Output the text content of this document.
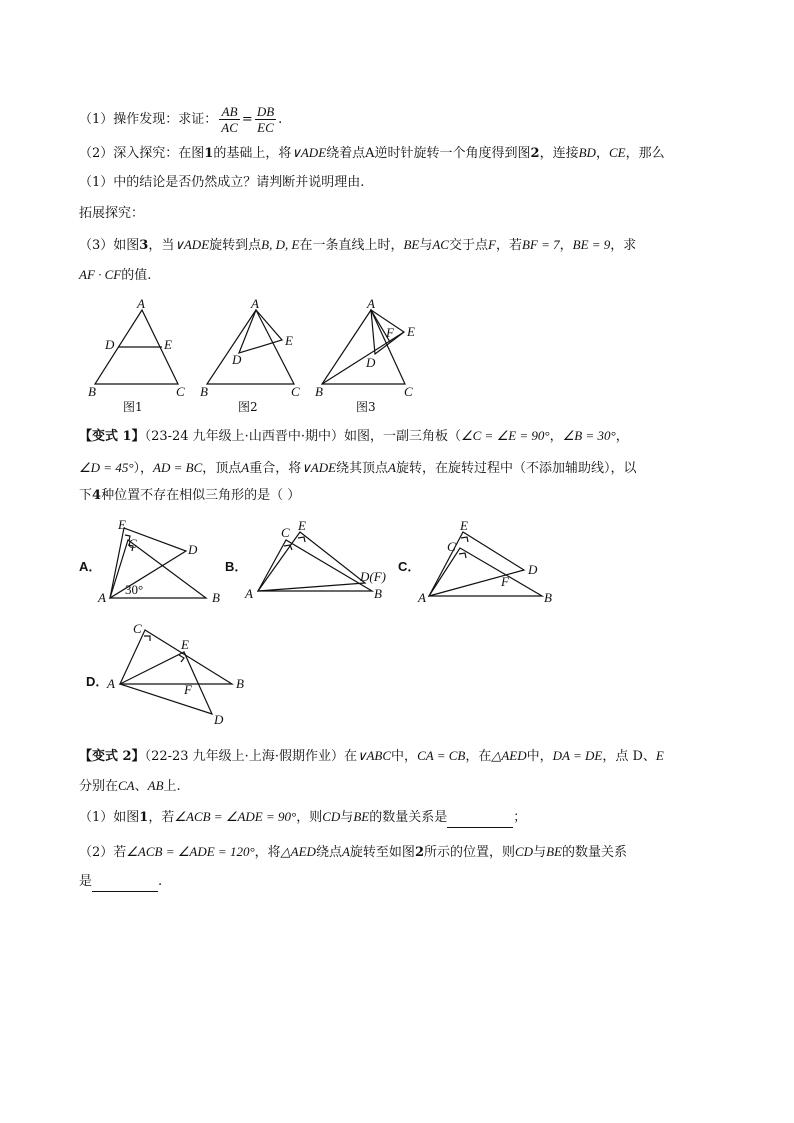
（1）操作发现：求证： $\frac{AB}{AC} = \frac{DB}{EC}$ .
（2）深入探究：在图1的基础上，将∨ADE绕着点A逆时针旋转一个角度得到图2，连接BD，CE，那么
（1）中的结论是否仍然成立？请判断并说明理由.
拓展探究：
（3）如图3，当∨ADE旋转到点B, D, E在一条直线上时，BE与AC交于点F，若BF = 7，BE = 9，求
AF · CF的值.
A
D	E
B	C
图1
A
E
D
B	C
图2
A
F E
D
B	C
图3
【变式 1】（23-24 九年级上·山西晋中·期中）如图，一副三角板（∠C = ∠E = 90°，∠B = 30°，
∠D = 45°），AD = BC，顶点A重合，将∨ADE绕其顶点A旋转，在旋转过程中（不添加辅助线），以
下4种位置不存在相似三角形的是（ ）
A．	B．	C．
D．
E
C	D
A
30°
B
C E
D(F)
A	B
E
C
D
F
A	B
C
E
A	B
F
D
【变式 2】（22-23 九年级上·上海·假期作业）在∨ABC中，CA = CB，在△AED中，DA = DE，点 D、E
分别在CA、AB上.
（1）如图1，若∠ACB = ∠ADE = 90°，则CD与BE的数量关系是	；
（2）若∠ACB = ∠ADE = 120°，将△AED绕点A旋转至如图2所示的位置，则CD与BE的数量关系
是	.
